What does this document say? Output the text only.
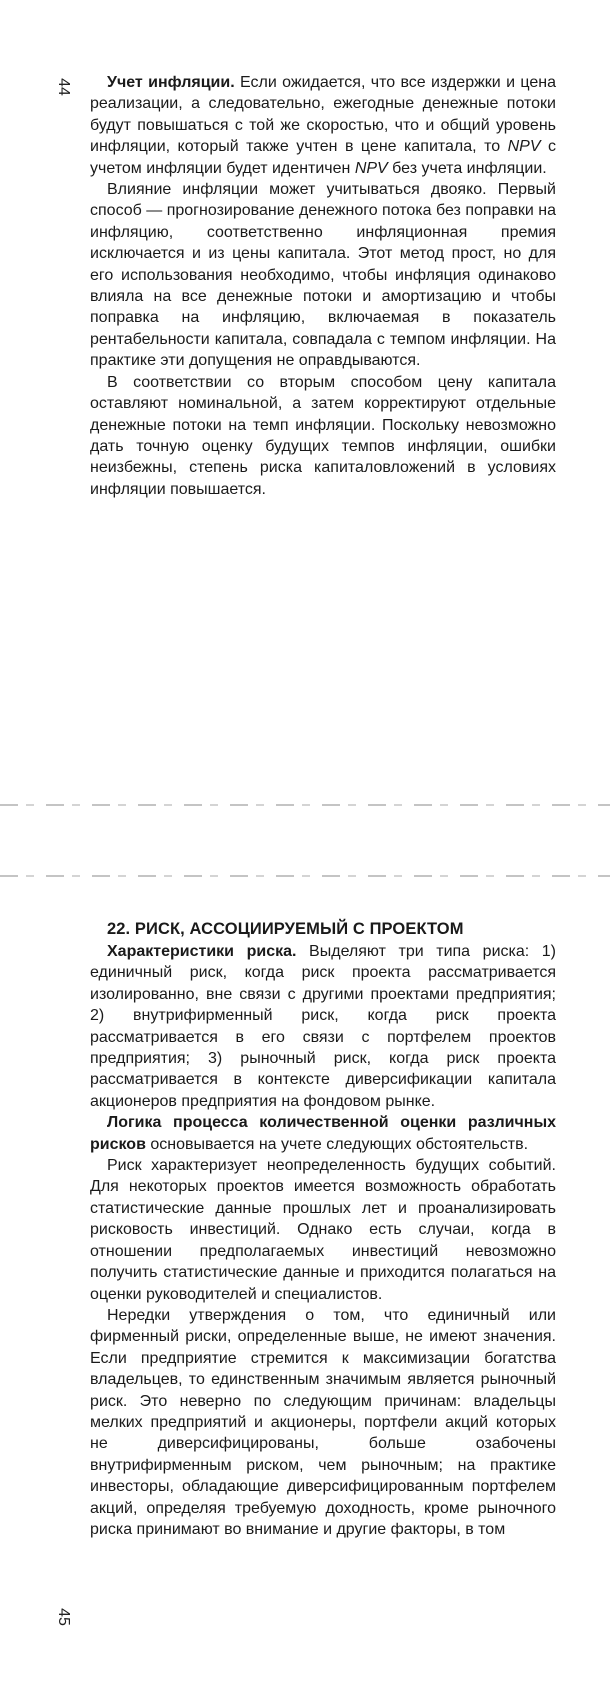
44	Учет инфляции. Если ожидается, что все издержки и цена реализации, а следовательно, ежегодные денежные потоки будут повышаться с той же скоростью, что и общий уровень инфляции, который также учтен в цене капитала, то NPV с учетом инфляции будет идентичен NPV без учета инфляции.

Влияние инфляции может учитываться двояко. Первый способ — прогнозирование денежного потока без поправки на инфляцию, соответственно инфляционная премия исключается и из цены капитала. Этот метод прост, но для его использования необходимо, чтобы инфляция одинаково влияла на все денежные потоки и амортизацию и чтобы поправка на инфляцию, включаемая в показатель рентабельности капитала, совпадала с темпом инфляции. На практике эти допущения не оправдываются.

В соответствии со вторым способом цену капитала оставляют номинальной, а затем корректируют отдельные денежные потоки на темп инфляции. Поскольку невозможно дать точную оценку будущих темпов инфляции, ошибки неизбежны, степень риска капиталовложений в условиях инфляции повышается.

22. РИСК, АССОЦИИРУЕМЫЙ С ПРОЕКТОМ

Характеристики риска. Выделяют три типа риска: 1) единичный риск, когда риск проекта рассматривается изолированно, вне связи с другими проектами предприятия; 2) внутрифирменный риск, когда риск проекта рассматривается в его связи с портфелем проектов предприятия; 3) рыночный риск, когда риск проекта рассматривается в контексте диверсификации капитала акционеров предприятия на фондовом рынке.

Логика процесса количественной оценки различных рисков основывается на учете следующих обстоятельств.

Риск характеризует неопределенность будущих событий. Для некоторых проектов имеется возможность обработать статистические данные прошлых лет и проанализировать рисковость инвестиций. Однако есть случаи, когда в отношении предполагаемых инвестиций невозможно получить статистические данные и приходится полагаться на оценки руководителей и специалистов.

Нередки утверждения о том, что единичный или фирменный риски, определенные выше, не имеют значения. Если предприятие стремится к максимизации богатства владельцев, то единственным значимым является рыночный риск. Это неверно по следующим причинам: владельцы мелких предприятий и акционеры, портфели акций которых не диверсифицированы, больше озабочены внутрифирменным риском, чем рыночным; на практике инвесторы, обладающие диверсифицированным портфелем акций, определяя требуемую доходность, кроме рыночного риска принимают во внимание и другие факторы, в том

45
